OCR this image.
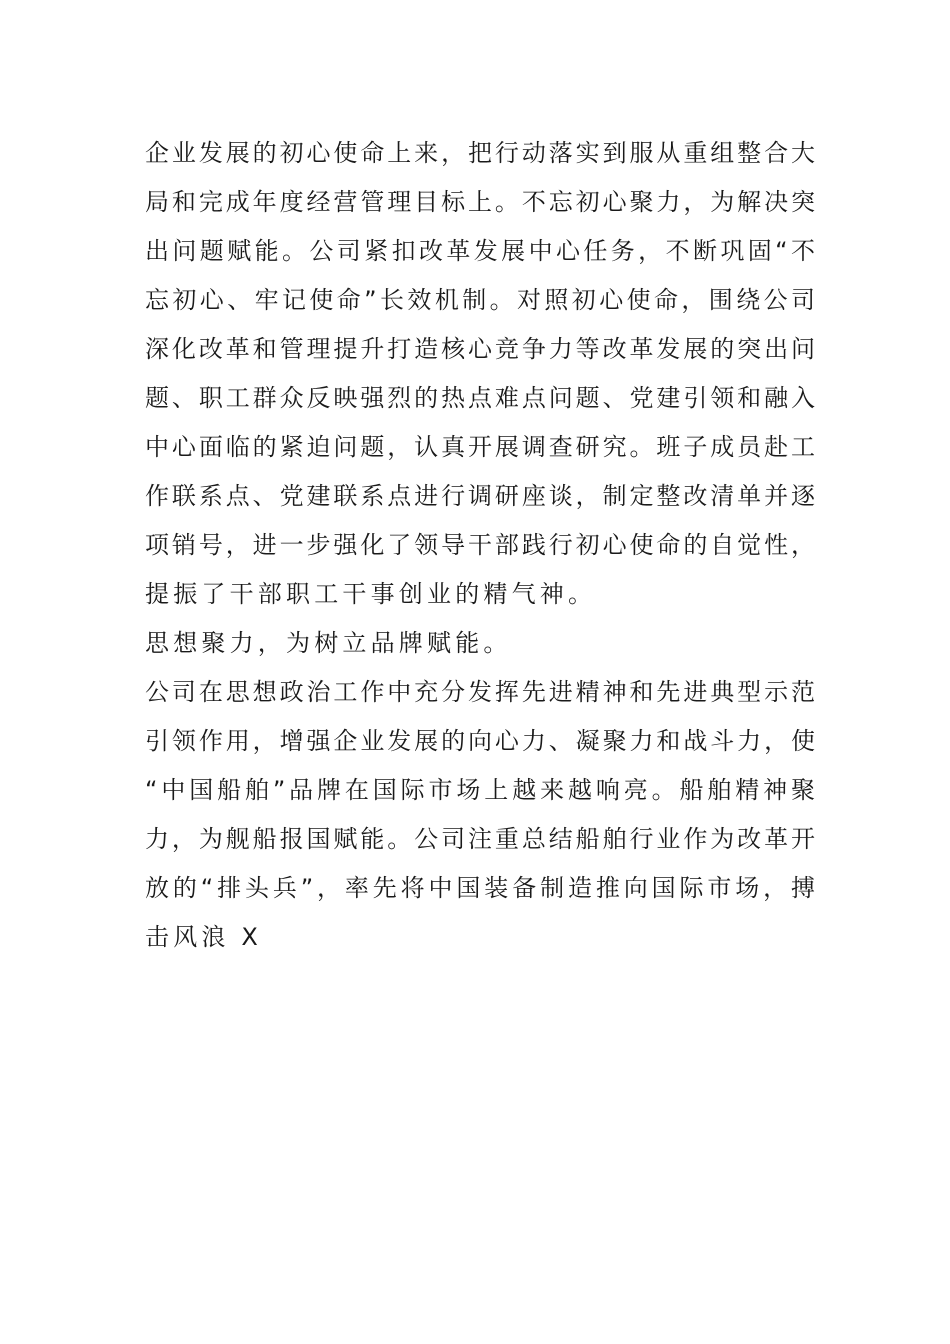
企业发展的初心使命上来，把行动落实到服从重组整合大
局和完成年度经营管理目标上。不忘初心聚力，为解决突
出问题赋能。公司紧扣改革发展中心任务，不断巩固“不
忘初心、牢记使命”长效机制。对照初心使命，围绕公司
深化改革和管理提升打造核心竞争力等改革发展的突出问
题、职工群众反映强烈的热点难点问题、党建引领和融入
中心面临的紧迫问题，认真开展调查研究。班子成员赴工
作联系点、党建联系点进行调研座谈，制定整改清单并逐
项销号，进一步强化了领导干部践行初心使命的自觉性，
提振了干部职工干事创业的精气神。
思想聚力，为树立品牌赋能。
公司在思想政治工作中充分发挥先进精神和先进典型示范
引领作用，增强企业发展的向心力、凝聚力和战斗力，使
“中国船舶”品牌在国际市场上越来越响亮。船舶精神聚
力，为舰船报国赋能。公司注重总结船舶行业作为改革开
放的“排头兵”，率先将中国装备制造推向国际市场，搏
击风浪 X
